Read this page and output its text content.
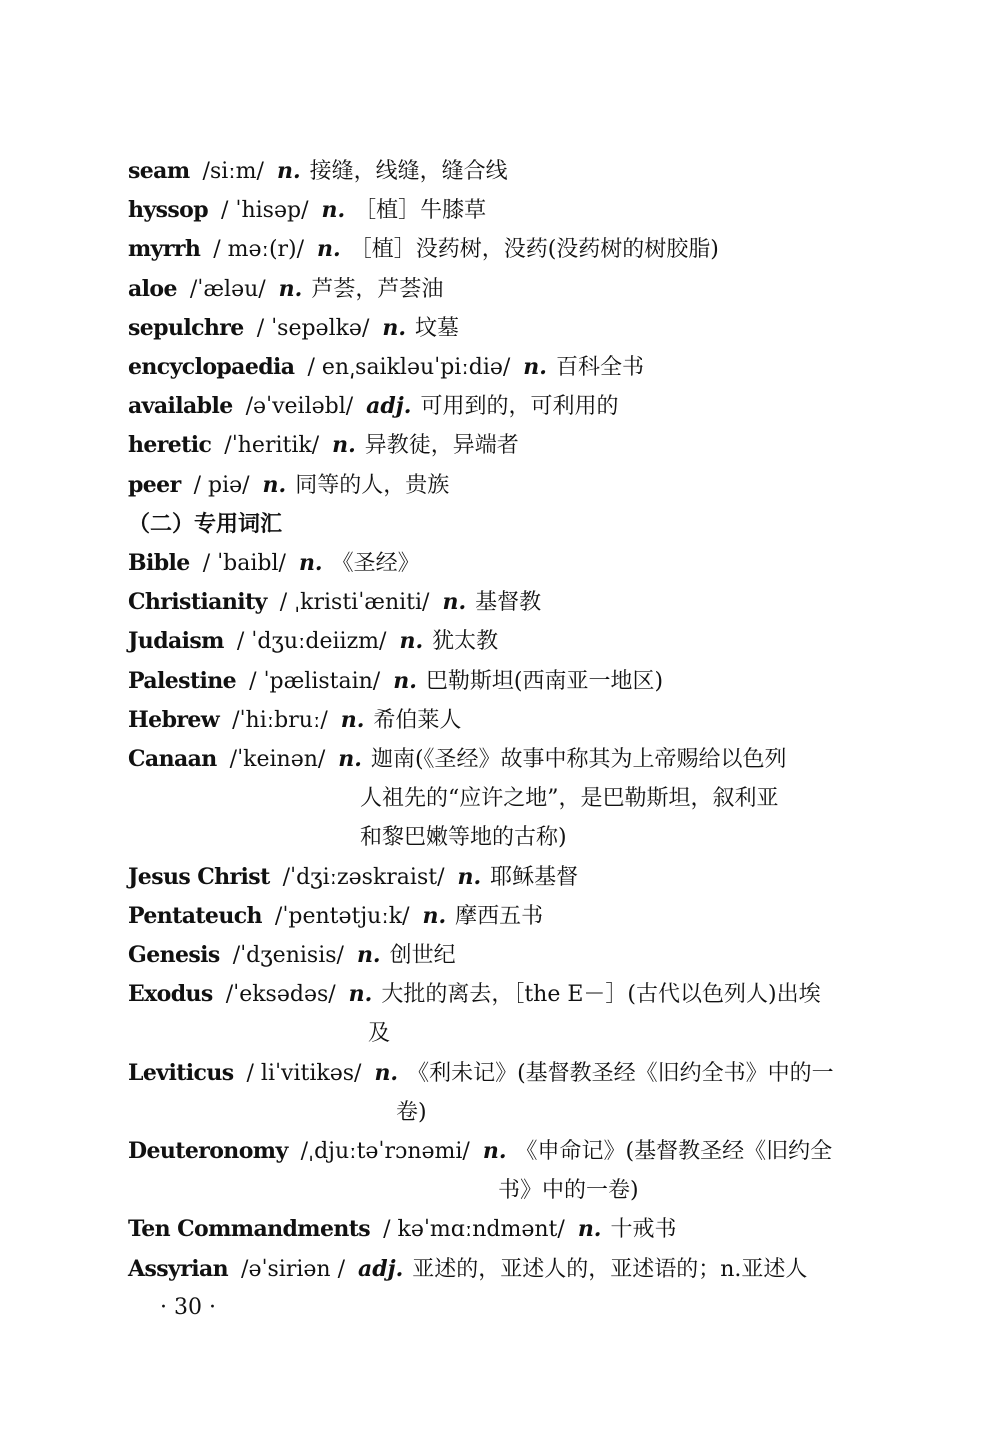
seam /siːm/ n. 接缝，线缝，缝合线
hyssop / ˈhisəp/ n. ［植］牛膝草
myrrh / məː(r)/ n. ［植］没药树，没药(没药树的树胶脂)
aloe /ˈæləu/ n. 芦荟，芦荟油
sepulchre / ˈsepəlkə/ n. 坟墓
encyclopaedia / en͵saikləuˈpiːdiə/ n. 百科全书
available /əˈveiləbl/ adj. 可用到的，可利用的
heretic /ˈheritik/ n. 异教徒，异端者
peer / piə/ n. 同等的人，贵族
（二）专用词汇
Bible / ˈbaibl/ n. 《圣经》
Christianity / ˌkristiˈæniti/ n. 基督教
Judaism / ˈdʒuːdeiizm/ n. 犹太教
Palestine / ˈpælistain/ n. 巴勒斯坦(西南亚一地区)
Hebrew /ˈhiːbruː/ n. 希伯莱人
Canaan /ˈkeinən/ n. 迦南(《圣经》故事中称其为上帝赐给以色列
人祖先的“应许之地”，是巴勒斯坦，叙利亚
和黎巴嫩等地的古称)
Jesus Christ /ˈdʒiːzəskraist/ n. 耶稣基督
Pentateuch /ˈpentətjuːk/ n. 摩西五书
Genesis /ˈdʒenisis/ n. 创世纪
Exodus /ˈeksədəs/ n. 大批的离去，［the E－］(古代以色列人)出埃
及
Leviticus / liˈvitikəs/ n. 《利未记》(基督教圣经《旧约全书》中的一
卷)
Deuteronomy /ˌdjuːtəˈrɔnəmi/ n. 《申命记》(基督教圣经《旧约全
书》中的一卷)
Ten Commandments / kəˈmɑːndmənt/ n. 十戒书
Assyrian /əˈsiriən / adj. 亚述的，亚述人的，亚述语的；n.亚述人
· 30 ·
